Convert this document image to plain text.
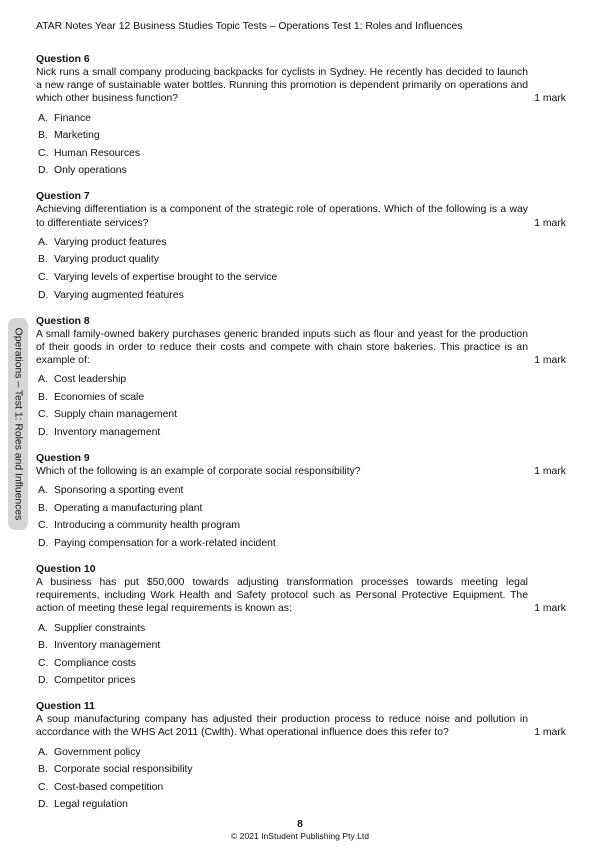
ATAR Notes Year 12 Business Studies Topic Tests – Operations Test 1: Roles and Influences
Operations – Test 1: Roles and Influences
Question 6
Nick runs a small company producing backpacks for cyclists in Sydney. He recently has decided to launch a new range of sustainable water bottles. Running this promotion is dependent primarily on operations and which other business function?	1 mark
A. Finance
B. Marketing
C. Human Resources
D. Only operations
Question 7
Achieving differentiation is a component of the strategic role of operations. Which of the following is a way to differentiate services?	1 mark
A. Varying product features
B. Varying product quality
C. Varying levels of expertise brought to the service
D. Varying augmented features
Question 8
A small family-owned bakery purchases generic branded inputs such as flour and yeast for the production of their goods in order to reduce their costs and compete with chain store bakeries. This practice is an example of:	1 mark
A. Cost leadership
B. Economies of scale
C. Supply chain management
D. Inventory management
Question 9
Which of the following is an example of corporate social responsibility?	1 mark
A. Sponsoring a sporting event
B. Operating a manufacturing plant
C. Introducing a community health program
D. Paying compensation for a work-related incident
Question 10
A business has put $50,000 towards adjusting transformation processes towards meeting legal requirements, including Work Health and Safety protocol such as Personal Protective Equipment. The action of meeting these legal requirements is known as:	1 mark
A. Supplier constraints
B. Inventory management
C. Compliance costs
D. Competitor prices
Question 11
A soup manufacturing company has adjusted their production process to reduce noise and pollution in accordance with the WHS Act 2011 (Cwlth). What operational influence does this refer to?	1 mark
A. Government policy
B. Corporate social responsibility
C. Cost-based competition
D. Legal regulation
8
© 2021 InStudent Publishing Pty Ltd
